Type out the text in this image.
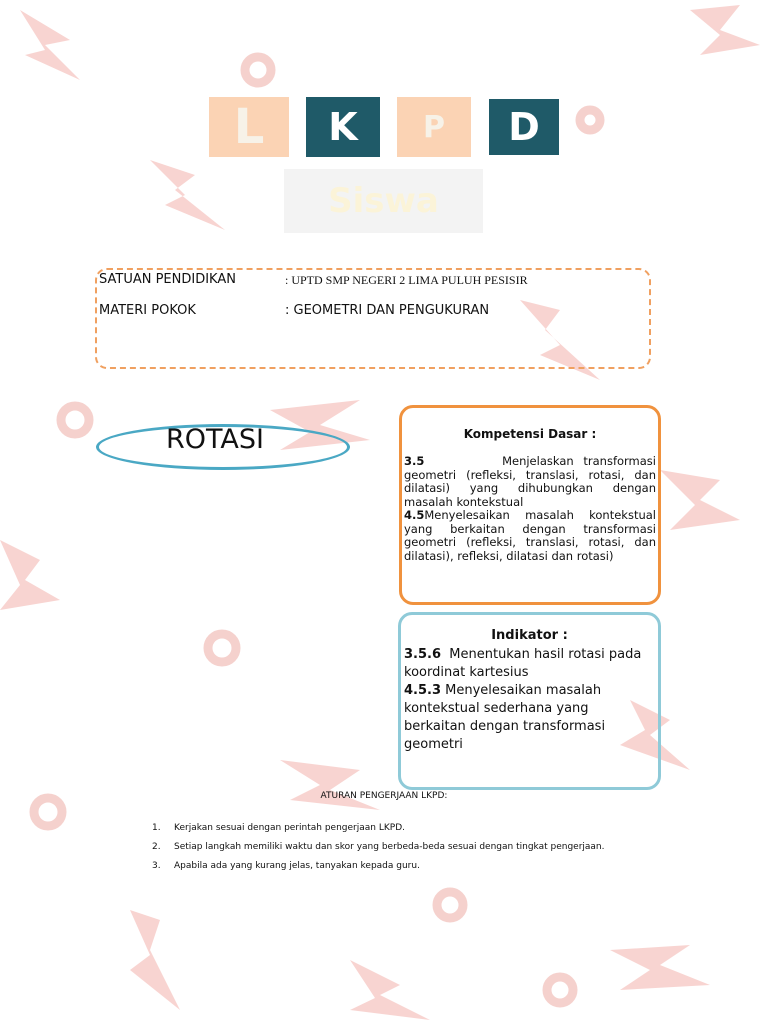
L	K	P	D
Siswa
SATUAN PENDIDIKAN	: UPTD SMP NEGERI 2 LIMA PULUH PESISIR
MATERI POKOK	: GEOMETRI DAN PENGUKURAN
ROTASI	Kompetensi Dasar :

3.5	Menjelaskan transformasi geometri (refleksi, translasi, rotasi, dan dilatasi) yang dihubungkan dengan masalah kontekstual

4.5Menyelesaikan masalah kontekstual yang berkaitan dengan transformasi geometri (refleksi, translasi, rotasi, dan dilatasi), refleksi, dilatasi dan rotasi)

Indikator :

3.5.6 Menentukan hasil rotasi pada koordinat kartesius

4.5.3 Menyelesaikan masalah kontekstual sederhana yang berkaitan dengan transformasi geometri

ATURAN PENGERJAAN LKPD:
1. Kerjakan sesuai dengan perintah pengerjaan LKPD.
2. Setiap langkah memiliki waktu dan skor yang berbeda-beda sesuai dengan tingkat pengerjaan.
3. Apabila ada yang kurang jelas, tanyakan kepada guru.
